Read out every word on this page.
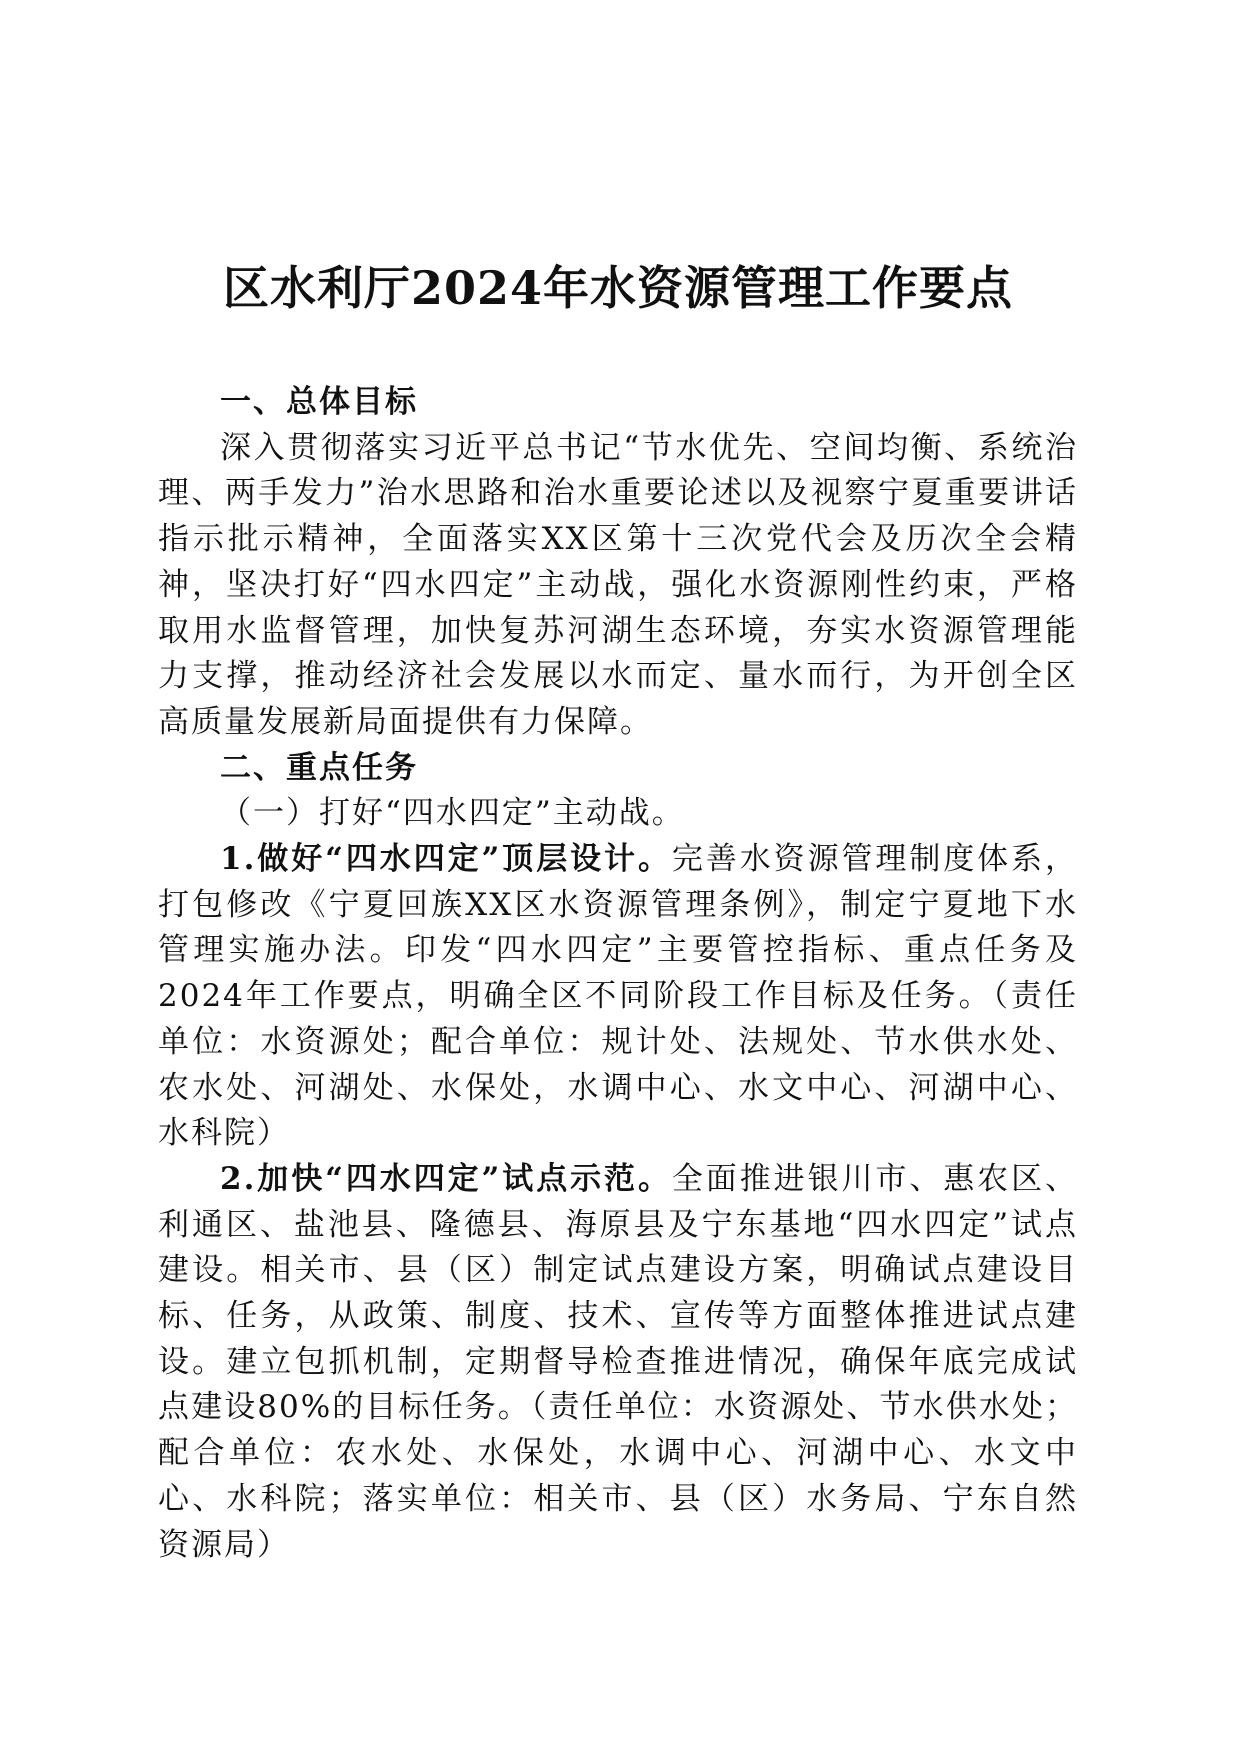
区水利厅2024年水资源管理工作要点

一、总体目标

深入贯彻落实习近平总书记“节水优先、空间均衡、系统治理、两手发力”治水思路和治水重要论述以及视察宁夏重要讲话指示批示精神，全面落实XX区第十三次党代会及历次全会精神，坚决打好“四水四定”主动战，强化水资源刚性约束，严格取用水监督管理，加快复苏河湖生态环境，夯实水资源管理能力支撑，推动经济社会发展以水而定、量水而行，为开创全区高质量发展新局面提供有力保障。

二、重点任务

（一）打好“四水四定”主动战。

1.做好“四水四定”顶层设计。完善水资源管理制度体系，打包修改《宁夏回族XX区水资源管理条例》，制定宁夏地下水管理实施办法。印发“四水四定”主要管控指标、重点任务及2024年工作要点，明确全区不同阶段工作目标及任务。（责任单位：水资源处；配合单位：规计处、法规处、节水供水处、农水处、河湖处、水保处，水调中心、水文中心、河湖中心、水科院）

2.加快“四水四定”试点示范。全面推进银川市、惠农区、利通区、盐池县、隆德县、海原县及宁东基地“四水四定”试点建设。相关市、县（区）制定试点建设方案，明确试点建设目标、任务，从政策、制度、技术、宣传等方面整体推进试点建设。建立包抓机制，定期督导检查推进情况，确保年底完成试点建设80%的目标任务。（责任单位：水资源处、节水供水处；配合单位：农水处、水保处，水调中心、河湖中心、水文中心、水科院；落实单位：相关市、县（区）水务局、宁东自然资源局）
